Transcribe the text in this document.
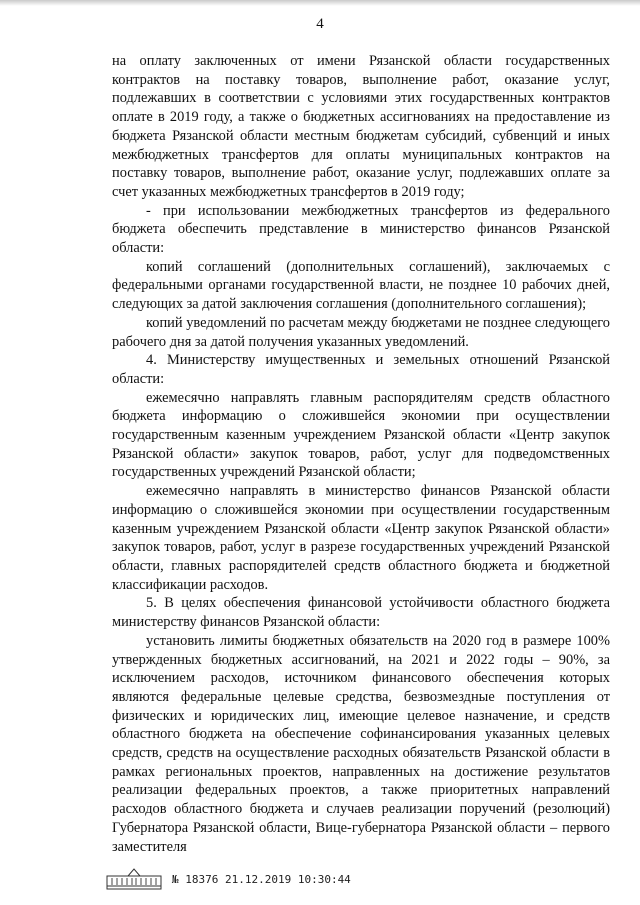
4

на оплату заключенных от имени Рязанской области государственных контрактов на поставку товаров, выполнение работ, оказание услуг, подлежавших в соответствии с условиями этих государственных контрактов оплате в 2019 году, а также о бюджетных ассигнованиях на предоставление из бюджета Рязанской области местным бюджетам субсидий, субвенций и иных межбюджетных трансфертов для оплаты муниципальных контрактов на поставку товаров, выполнение работ, оказание услуг, подлежавших оплате за счет указанных межбюджетных трансфертов в 2019 году;

- при использовании межбюджетных трансфертов из федерального бюджета обеспечить представление в министерство финансов Рязанской области:

копий соглашений (дополнительных соглашений), заключаемых с федеральными органами государственной власти, не позднее 10 рабочих дней, следующих за датой заключения соглашения (дополнительного соглашения);

копий уведомлений по расчетам между бюджетами не позднее следующего рабочего дня за датой получения указанных уведомлений.

4. Министерству имущественных и земельных отношений Рязанской области:

ежемесячно направлять главным распорядителям средств областного бюджета информацию о сложившейся экономии при осуществлении государственным казенным учреждением Рязанской области «Центр закупок Рязанской области» закупок товаров, работ, услуг для подведомственных государственных учреждений Рязанской области;

ежемесячно направлять в министерство финансов Рязанской области информацию о сложившейся экономии при осуществлении государственным казенным учреждением Рязанской области «Центр закупок Рязанской области» закупок товаров, работ, услуг в разрезе государственных учреждений Рязанской области, главных распорядителей средств областного бюджета и бюджетной классификации расходов.

5. В целях обеспечения финансовой устойчивости областного бюджета министерству финансов Рязанской области:

установить лимиты бюджетных обязательств на 2020 год в размере 100% утвержденных бюджетных ассигнований, на 2021 и 2022 годы – 90%, за исключением расходов, источником финансового обеспечения которых являются федеральные целевые средства, безвозмездные поступления от физических и юридических лиц, имеющие целевое назначение, и средств областного бюджета на обеспечение софинансирования указанных целевых средств, средств на осуществление расходных обязательств Рязанской области в рамках региональных проектов, направленных на достижение результатов реализации федеральных проектов, а также приоритетных направлений расходов областного бюджета и случаев реализации поручений (резолюций) Губернатора Рязанской области, Вице-губернатора Рязанской области – первого заместителя

№ 18376 21.12.2019 10:30:44
